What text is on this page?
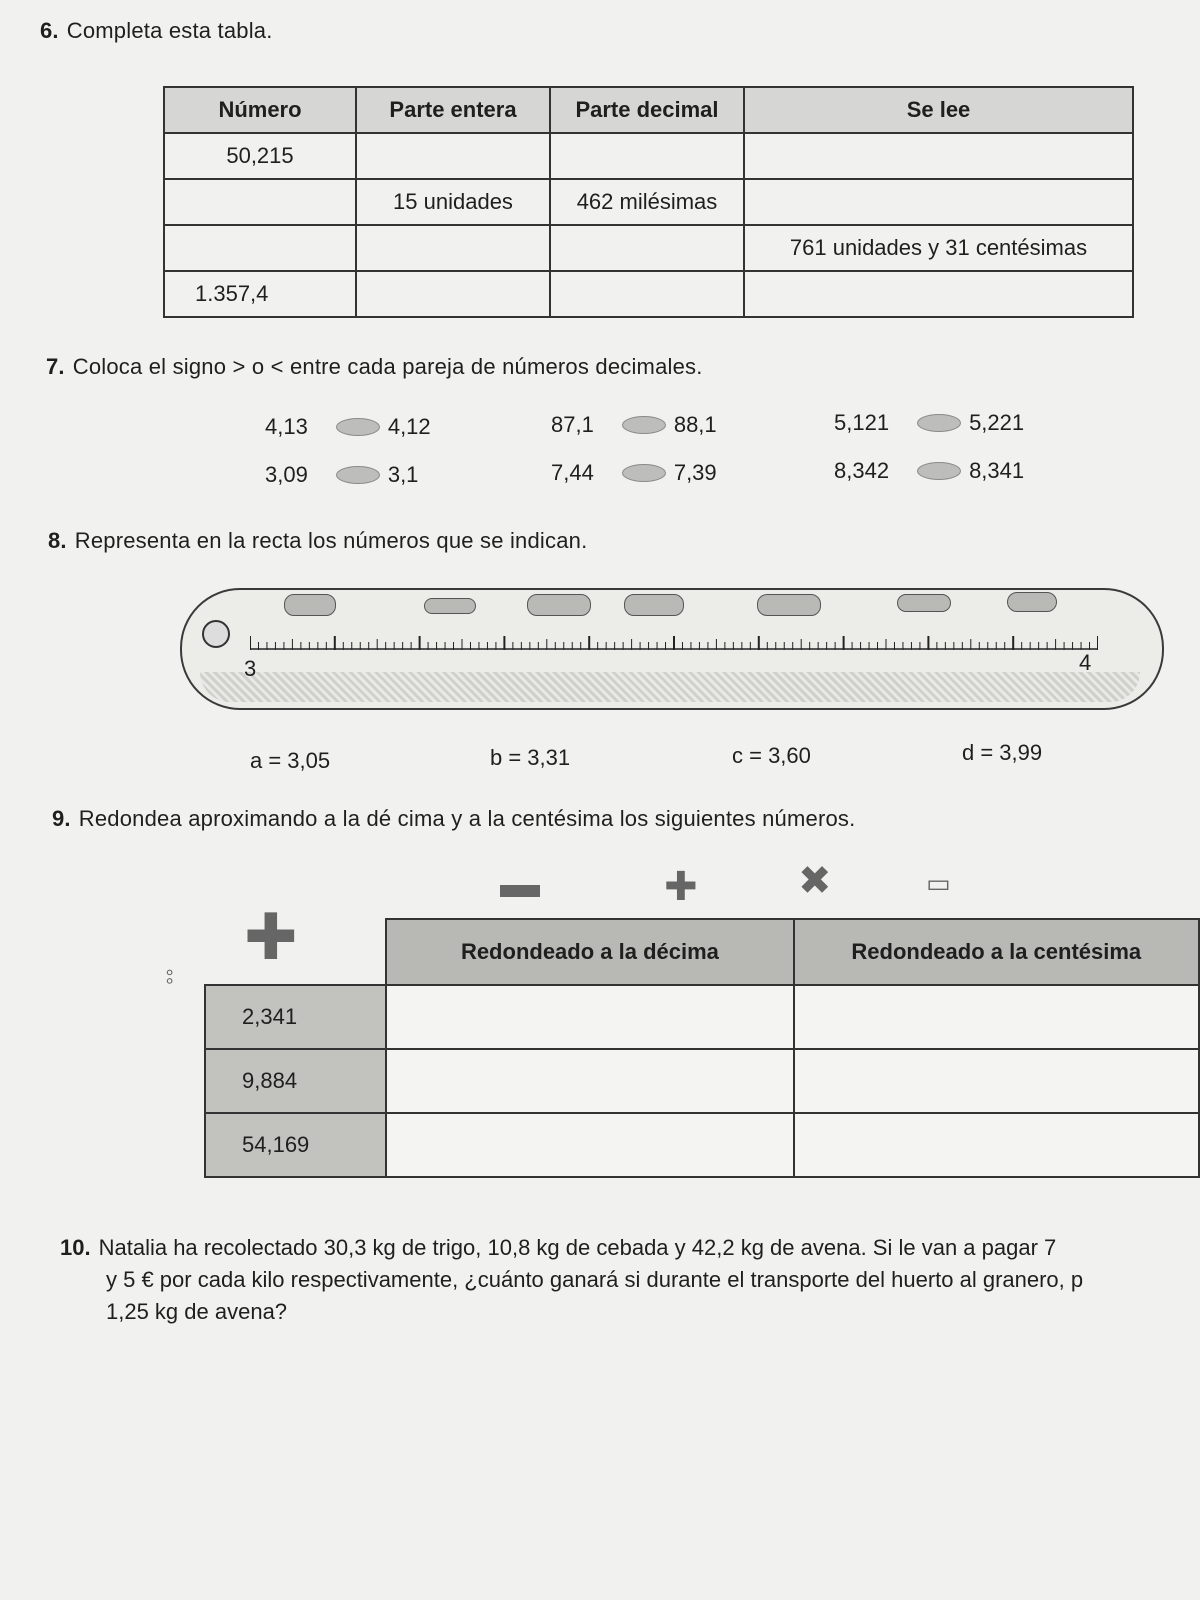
6. Completa esta tabla.
Número	Parte entera	Parte decimal	Se lee
50,215			
	15 unidades	462 milésimas	
			761 unidades y 31 centésimas
1.357,4			
7. Coloca el signo > o < entre cada pareja de números decimales.
4,13	4,12	87,1	88,1	5,121	5,221
3,09	3,1	7,44	7,39	8,342	8,341
8. Representa en la recta los números que se indican.
3	4
a = 3,05	b = 3,31	c = 3,60	d = 3,99
9. Redondea aproximando a la dé cima y a la centésima los siguientes números.
✚
✚	✖
▬	▭
⦂
	Redondeado a la décima	Redondeado a la centésima
2,341		
9,884		
54,169		
10. Natalia ha recolectado 30,3 kg de trigo, 10,8 kg de cebada y 42,2 kg de avena. Si le van a pagar 7
y 5 € por cada kilo respectivamente, ¿cuánto ganará si durante el transporte del huerto al granero, p
1,25 kg de avena?
